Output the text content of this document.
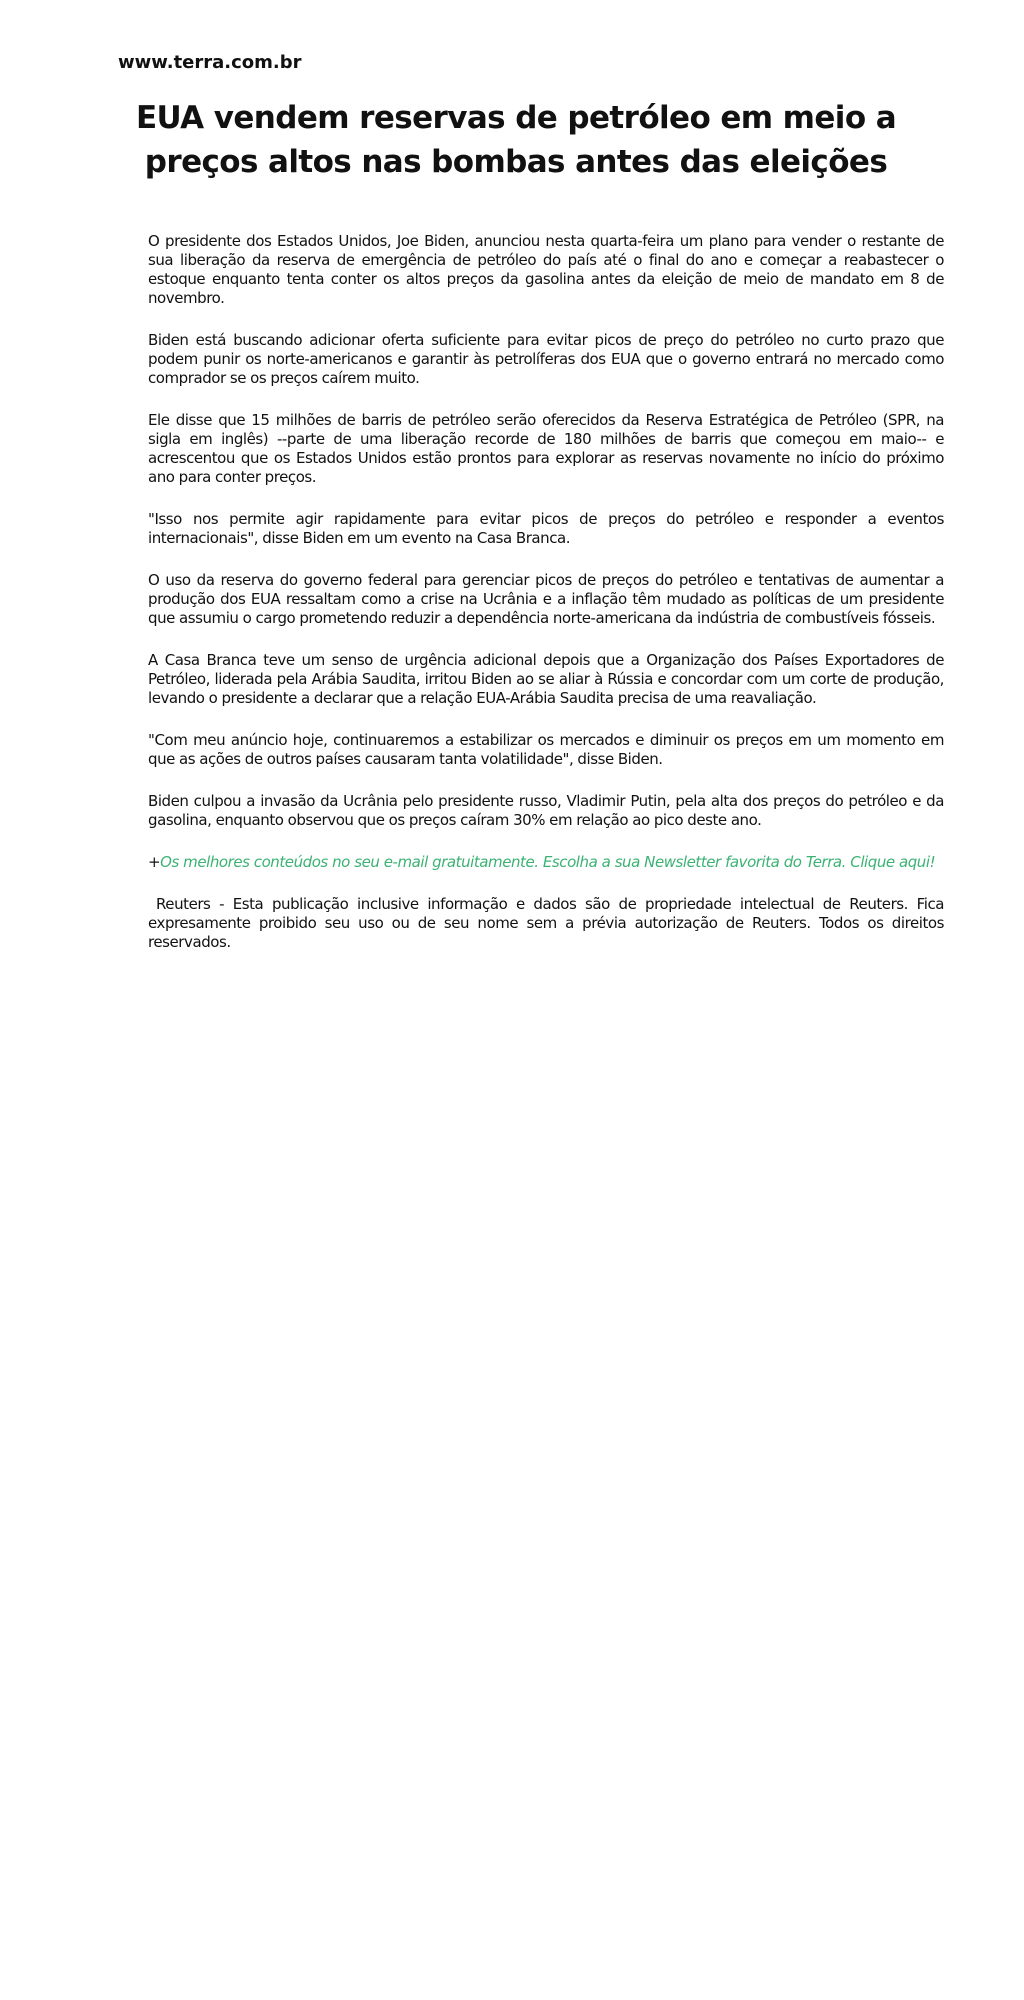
www.terra.com.br
EUA vendem reservas de petróleo em meio a preços altos nas bombas antes das eleições

O presidente dos Estados Unidos, Joe Biden, anunciou nesta quarta-feira um plano para vender o restante de sua liberação da reserva de emergência de petróleo do país até o final do ano e começar a reabastecer o estoque enquanto tenta conter os altos preços da gasolina antes da eleição de meio de mandato em 8 de novembro.

Biden está buscando adicionar oferta suficiente para evitar picos de preço do petróleo no curto prazo que podem punir os norte-americanos e garantir às petrolíferas dos EUA que o governo entrará no mercado como comprador se os preços caírem muito.

Ele disse que 15 milhões de barris de petróleo serão oferecidos da Reserva Estratégica de Petróleo (SPR, na sigla em inglês) --parte de uma liberação recorde de 180 milhões de barris que começou em maio-- e acrescentou que os Estados Unidos estão prontos para explorar as reservas novamente no início do próximo ano para conter preços.

"Isso nos permite agir rapidamente para evitar picos de preços do petróleo e responder a eventos internacionais", disse Biden em um evento na Casa Branca.

O uso da reserva do governo federal para gerenciar picos de preços do petróleo e tentativas de aumentar a produção dos EUA ressaltam como a crise na Ucrânia e a inflação têm mudado as políticas de um presidente que assumiu o cargo prometendo reduzir a dependência norte-americana da indústria de combustíveis fósseis.

A Casa Branca teve um senso de urgência adicional depois que a Organização dos Países Exportadores de Petróleo, liderada pela Arábia Saudita, irritou Biden ao se aliar à Rússia e concordar com um corte de produção, levando o presidente a declarar que a relação EUA-Arábia Saudita precisa de uma reavaliação.

"Com meu anúncio hoje, continuaremos a estabilizar os mercados e diminuir os preços em um momento em que as ações de outros países causaram tanta volatilidade", disse Biden.

Biden culpou a invasão da Ucrânia pelo presidente russo, Vladimir Putin, pela alta dos preços do petróleo e da gasolina, enquanto observou que os preços caíram 30% em relação ao pico deste ano.

+Os melhores conteúdos no seu e-mail gratuitamente. Escolha a sua Newsletter favorita do Terra. Clique aqui!

Reuters - Esta publicação inclusive informação e dados são de propriedade intelectual de Reuters. Fica expresamente proibido seu uso ou de seu nome sem a prévia autorização de Reuters. Todos os direitos reservados.
